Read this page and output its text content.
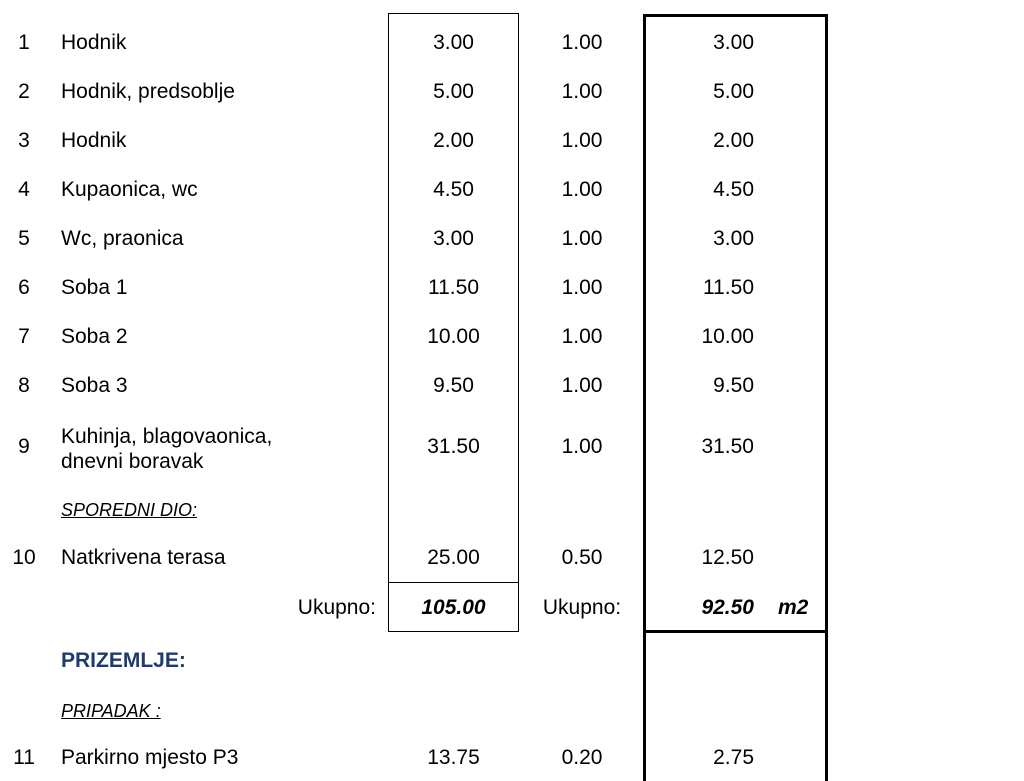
1	Hodnik	3.00	1.00	3.00
2	Hodnik, predsoblje	5.00	1.00	5.00
3	Hodnik	2.00	1.00	2.00
4	Kupaonica, wc	4.50	1.00	4.50
5	Wc, praonica	3.00	1.00	3.00
6	Soba 1	11.50	1.00	11.50
7	Soba 2	10.00	1.00	10.00
8	Soba 3	9.50	1.00	9.50
9	Kuhinja, blagovaonica,
dnevni boravak
31.50	1.00	31.50
SPOREDNI DIO:
10	Natkrivena terasa	25.00	0.50	12.50
Ukupno:	105.00	Ukupno:	92.50 m2
PRIZEMLJE:
PRIPADAK :
11	Parkirno mjesto P3	13.75	0.20	2.75
